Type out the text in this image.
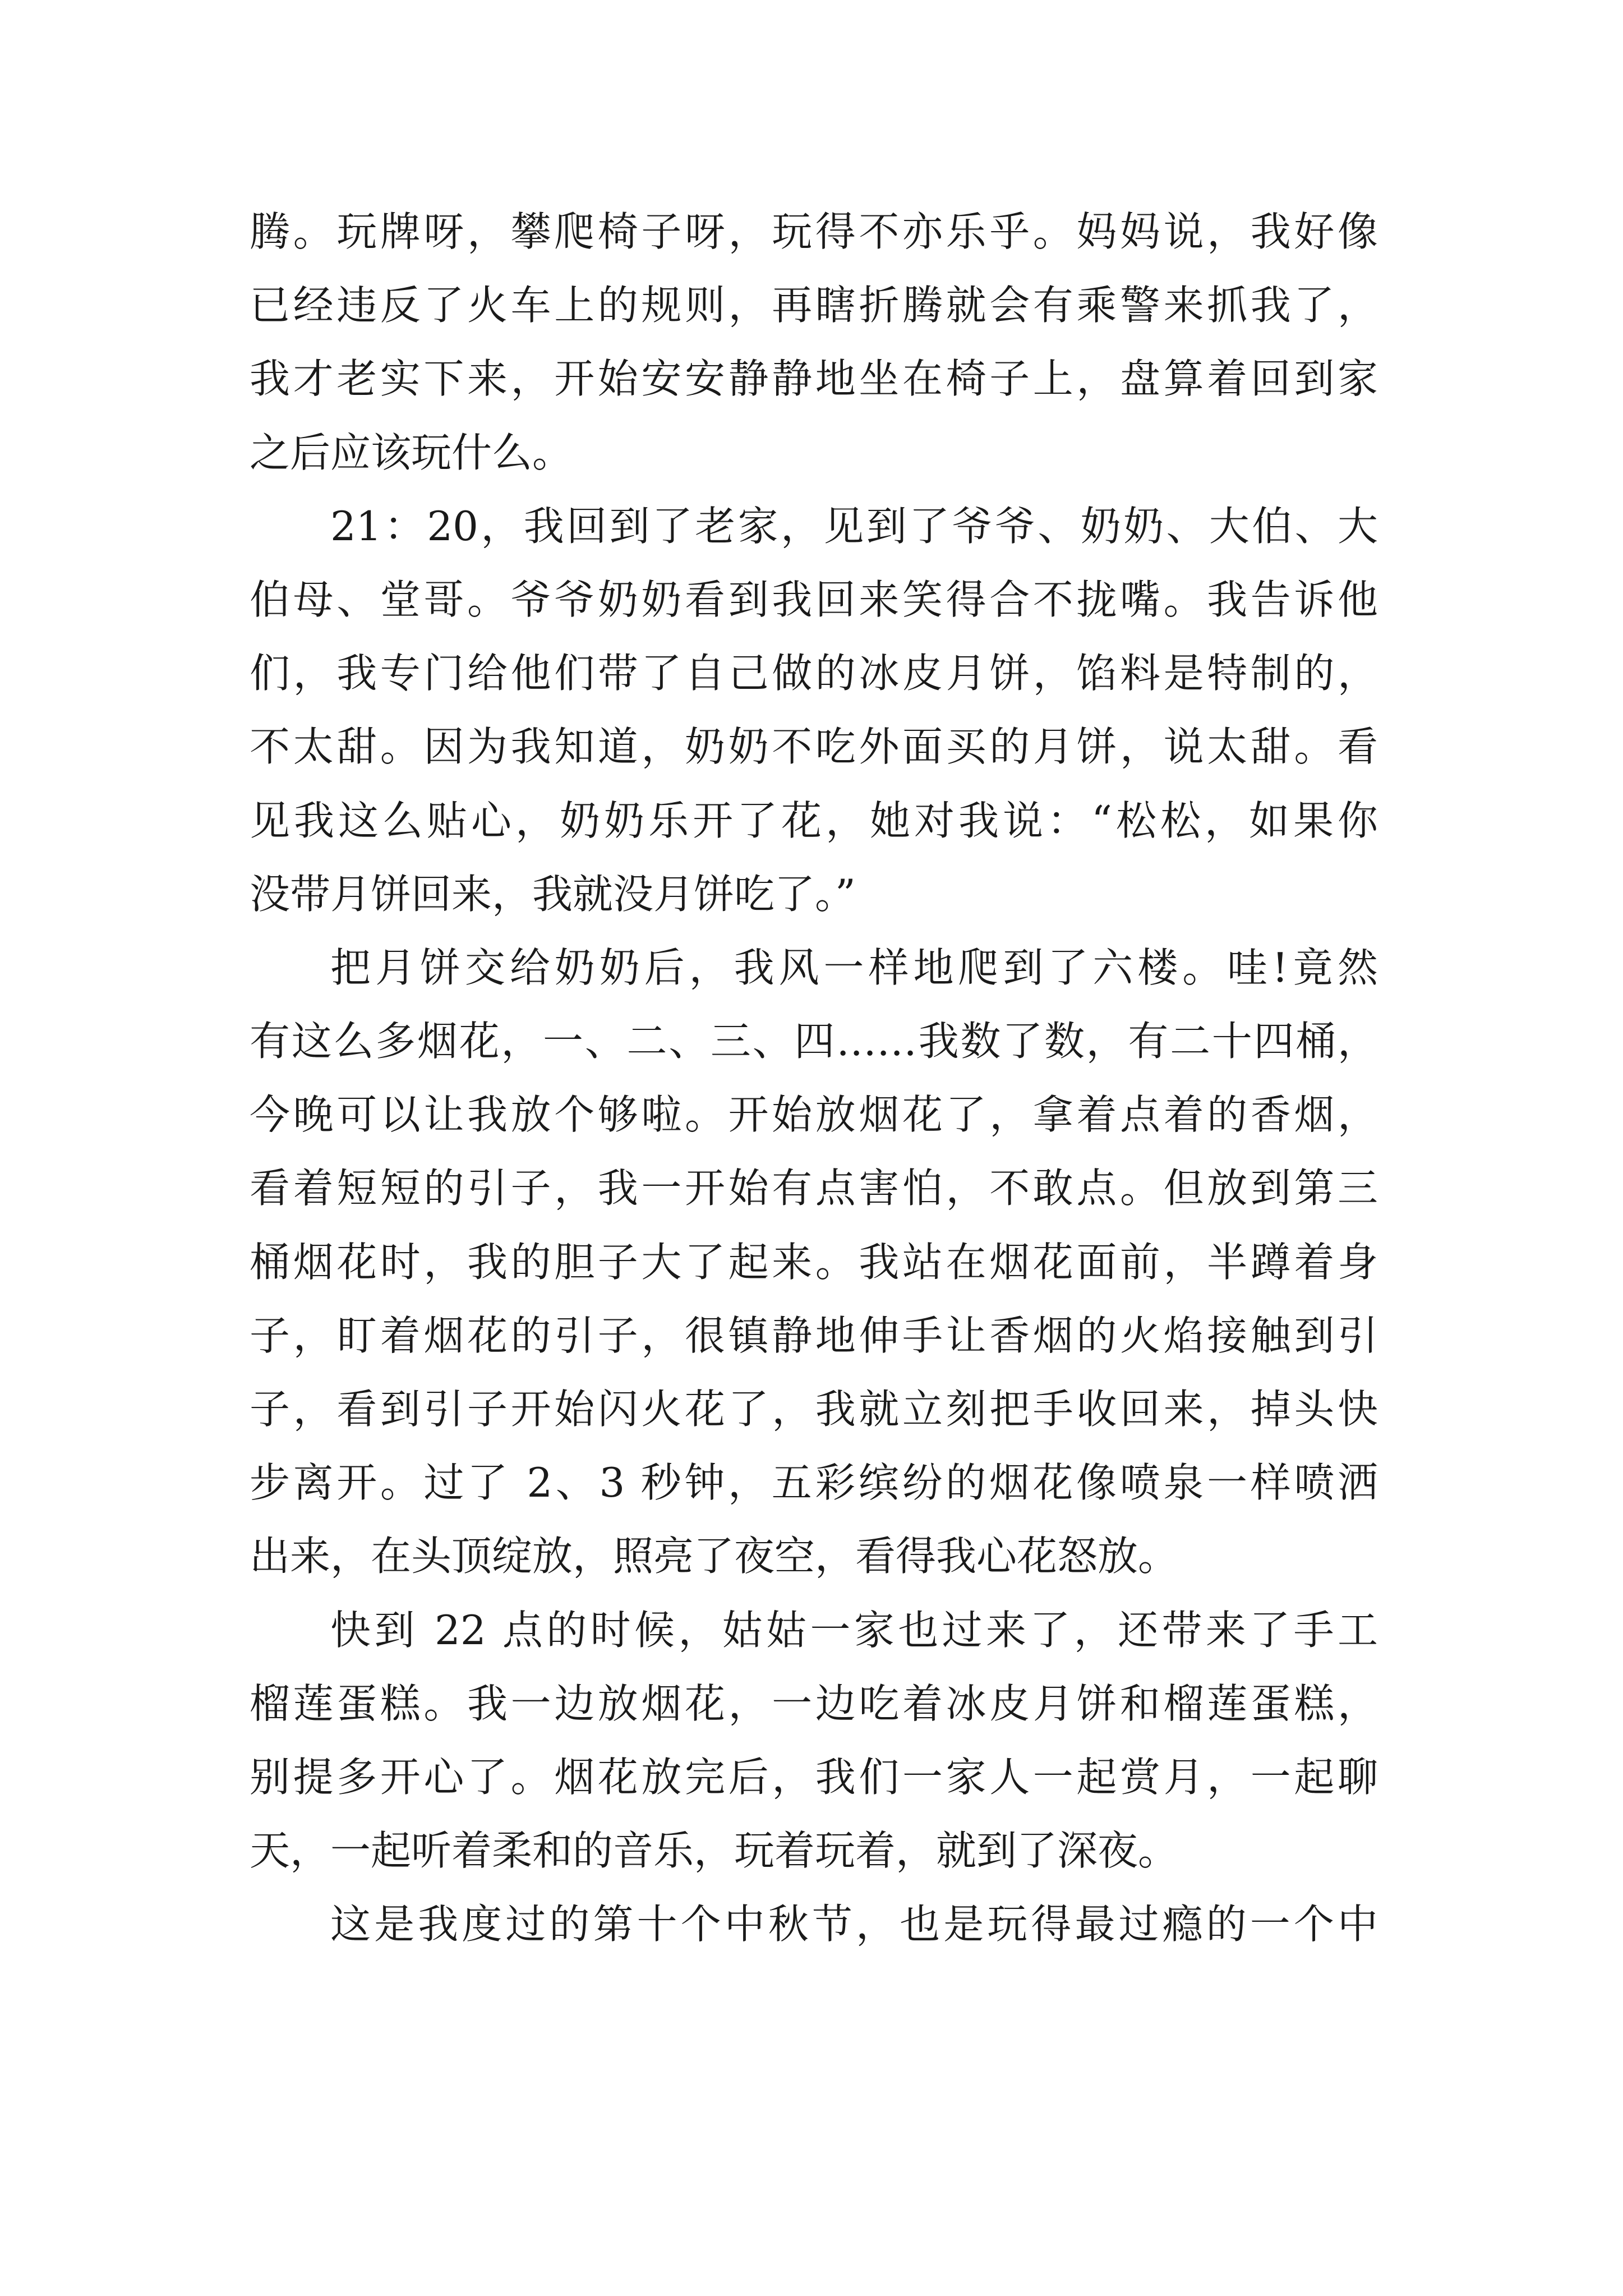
腾。玩牌呀，攀爬椅子呀，玩得不亦乐乎。妈妈说，我好像
已经违反了火车上的规则，再瞎折腾就会有乘警来抓我了，
我才老实下来，开始安安静静地坐在椅子上，盘算着回到家
之后应该玩什么。
21：20，我回到了老家，见到了爷爷、奶奶、大伯、大
伯母、堂哥。爷爷奶奶看到我回来笑得合不拢嘴。我告诉他
们，我专门给他们带了自己做的冰皮月饼，馅料是特制的，
不太甜。因为我知道，奶奶不吃外面买的月饼，说太甜。看
见我这么贴心，奶奶乐开了花，她对我说：“松松，如果你
没带月饼回来，我就没月饼吃了。”
把月饼交给奶奶后，我风一样地爬到了六楼。哇!竟然
有这么多烟花，一、二、三、四……我数了数，有二十四桶，
今晚可以让我放个够啦。开始放烟花了，拿着点着的香烟，
看着短短的引子，我一开始有点害怕，不敢点。但放到第三
桶烟花时，我的胆子大了起来。我站在烟花面前，半蹲着身
子，盯着烟花的引子，很镇静地伸手让香烟的火焰接触到引
子，看到引子开始闪火花了，我就立刻把手收回来，掉头快
步离开。过了 2、3 秒钟，五彩缤纷的烟花像喷泉一样喷洒
出来，在头顶绽放，照亮了夜空，看得我心花怒放。
快到 22 点的时候，姑姑一家也过来了，还带来了手工
榴莲蛋糕。我一边放烟花，一边吃着冰皮月饼和榴莲蛋糕，
别提多开心了。烟花放完后，我们一家人一起赏月，一起聊
天，一起听着柔和的音乐，玩着玩着，就到了深夜。
这是我度过的第十个中秋节，也是玩得最过瘾的一个中
